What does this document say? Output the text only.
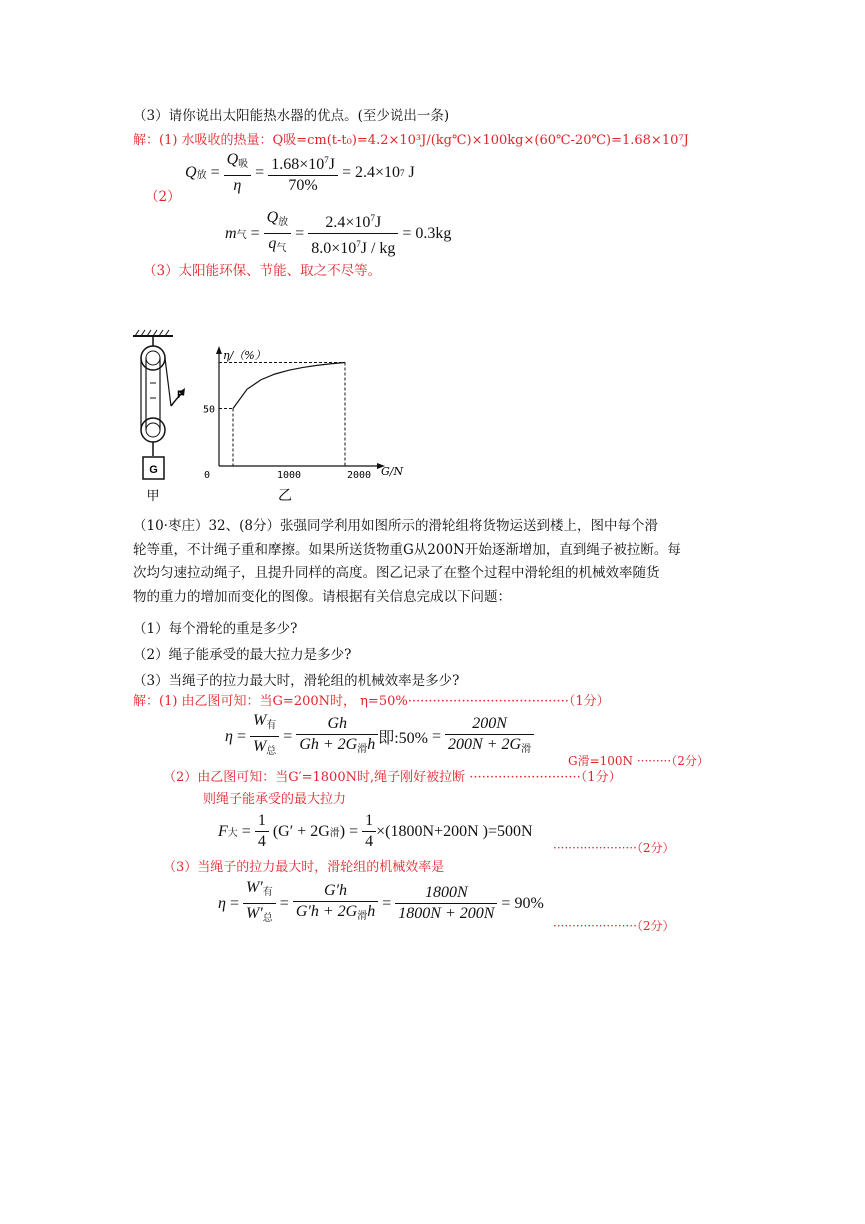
（3）请你说出太阳能热水器的优点。(至少说出一条)
解：(1) 水吸收的热量：Q吸=cm(t-t₀)=4.2×10³J/(kg℃)×100kg×(60℃-20℃)=1.68×10⁷J
Q 放 = $\frac{Q_吸}{\eta} = \frac{1.68\times 10^7J}{70\%} = 2.4\times 10$ 7
J
（2）
m 气 = $\frac{Q_放}{q_气} = \frac{2.4\times 10^7J}{8.0\times 10^7J / kg} = 0.3kg$
（3）太阳能环保、节能、取之不尽等。
G
F
η/（%）
G/N
0	1000	2000
50
甲	乙
（10·枣庄）32、(8分）张强同学利用如图所示的滑轮组将货物运送到楼上，图中每个滑
轮等重，不计绳子重和摩擦。如果所送货物重G从200N开始逐渐增加，直到绳子被拉断。每
次均匀速拉动绳子，且提升同样的高度。图乙记录了在整个过程中滑轮组的机械效率随货
物的重力的增加而变化的图像。请根据有关信息完成以下问题：
（1）每个滑轮的重是多少?
（2）绳子能承受的最大拉力是多少?
（3）当绳子的拉力最大时，滑轮组的机械效率是多少?
解：(1) 由乙图可知：当G=200N时， η=50%·······································（1分）
$\eta = \frac{W_有}{W_总} = \frac{Gh}{Gh + 2G_滑h}$ 即:50% = $\frac{200N}{200N + 2G_滑}$
G滑=100N ·········（2分）
（2）由乙图可知：当G′=1800N时,绳子刚好被拉断 ···························（1分）
则绳子能承受的最大拉力
F 大 = $\frac{1}{4}$
(G′ + 2G 滑 ) = $\frac{1}{4} \times(1800N+200N$ )=500N
······················（2分）
（3）当绳子的拉力最大时，滑轮组的机械效率是
$\eta = \frac{W'_有}{W'_总} = \frac{G'h}{G'h + 2G_滑h} = \frac{1800N}{1800N + 200N} = 90\%$
······················（2分）
